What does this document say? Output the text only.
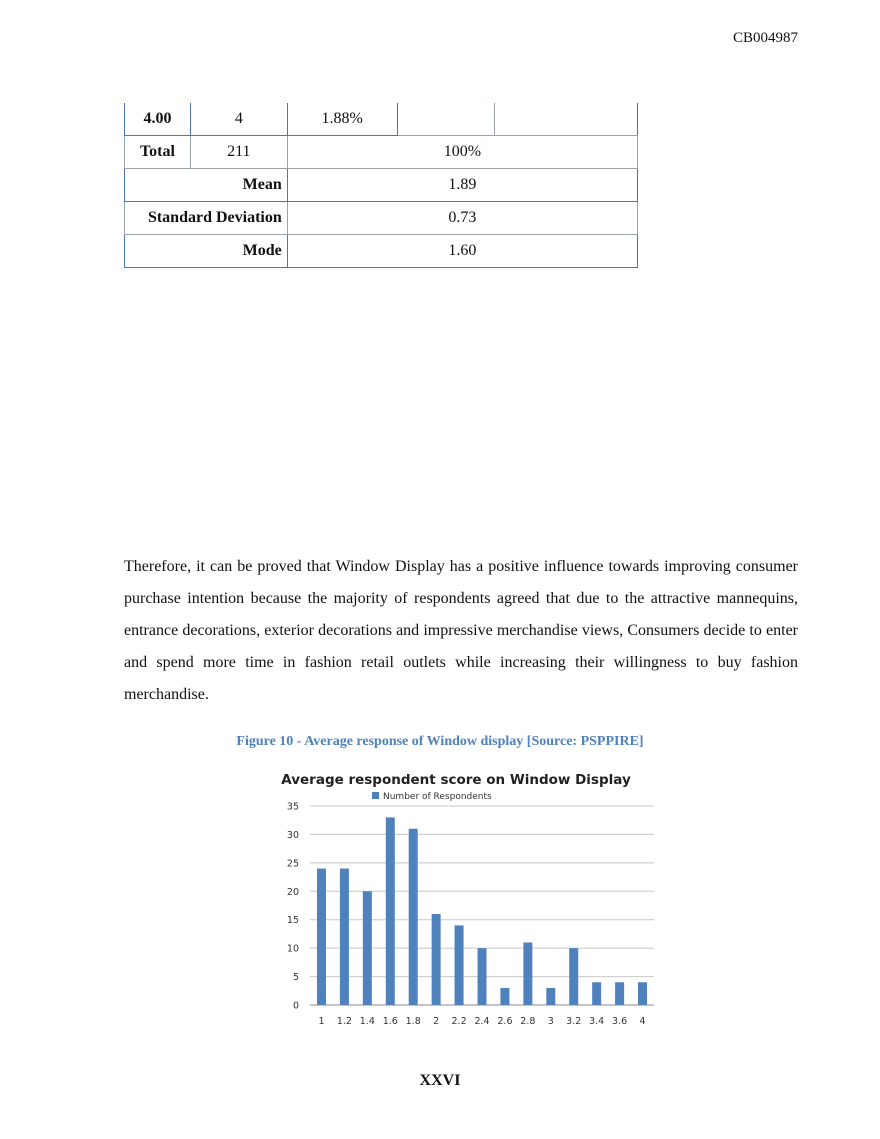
CB004987
4.00	4	1.88%		
Total	211	100%		
Mean		1.89		
Standard Deviation		0.73		
Mode		1.60		

Therefore, it can be proved that Window Display has a positive influence towards improving consumer purchase intention because the majority of respondents agreed that due to the attractive mannequins, entrance decorations, exterior decorations and impressive merchandise views, Consumers decide to enter and spend more time in fashion retail outlets while increasing their willingness to buy fashion merchandise.

Figure 10 - Average response of Window display [Source: PSPPIRE]
Average respondent score on Window Display
Number of Respondents
0
5
10
15
20
25
30
35
1 1.2 1.4 1.6 1.8 2 2.2 2.4 2.6 2.8 3 3.2 3.4 3.6 4
XXVI
